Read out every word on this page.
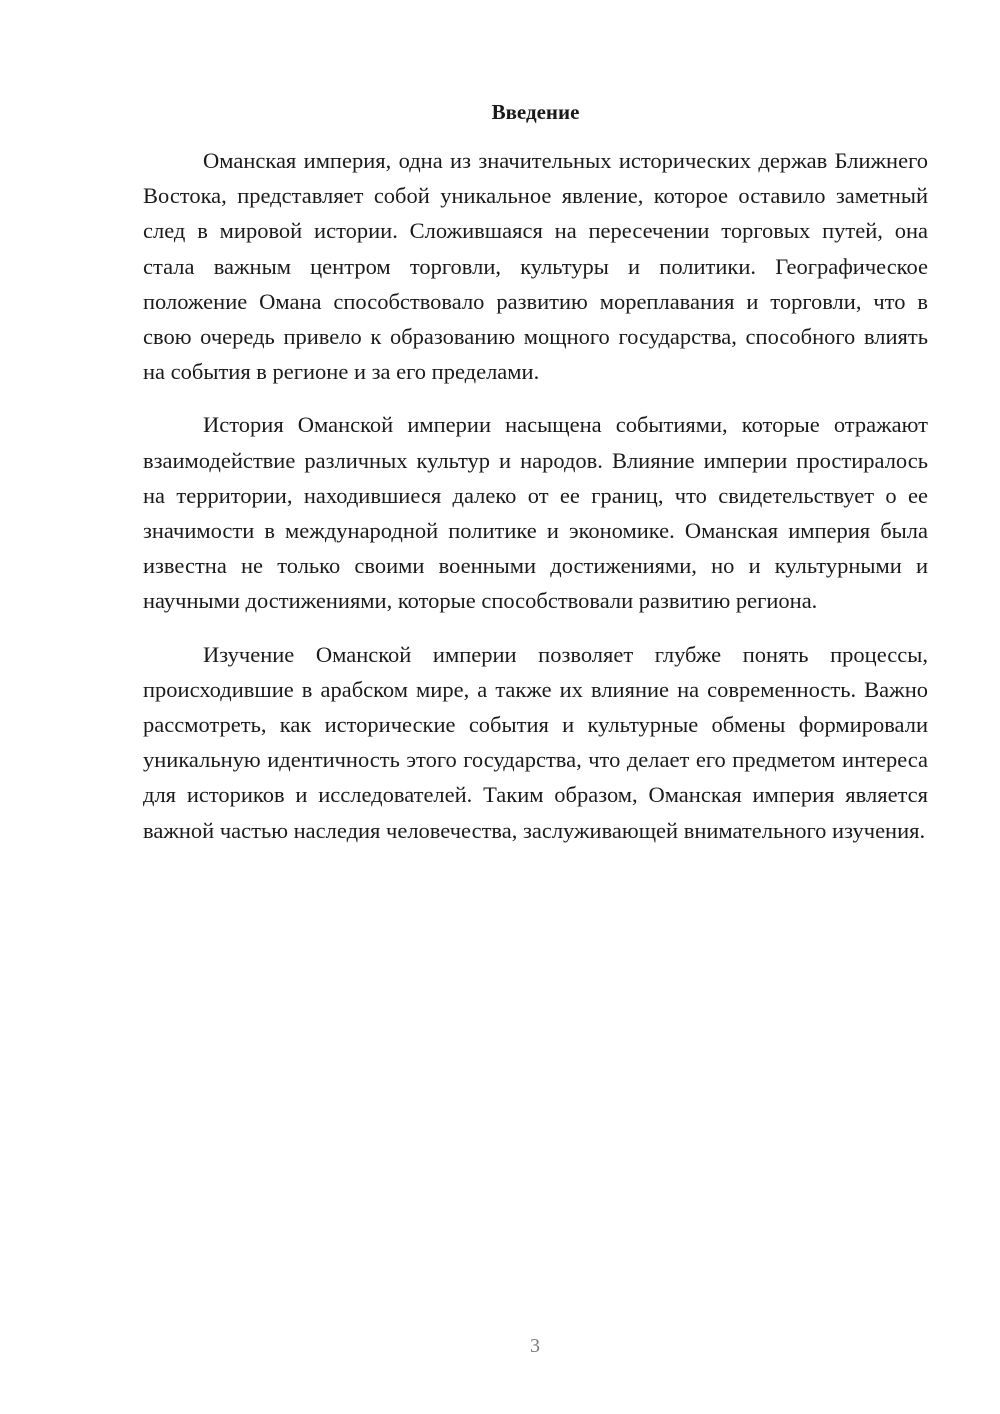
Введение

Оманская империя, одна из значительных исторических держав Ближнего Востока, представляет собой уникальное явление, которое оставило заметный след в мировой истории. Сложившаяся на пересечении торговых путей, она стала важным центром торговли, культуры и политики. Географическое положение Омана способствовало развитию мореплавания и торговли, что в свою очередь привело к образованию мощного государства, способного влиять на события в регионе и за его пределами.

История Оманской империи насыщена событиями, которые отражают взаимодействие различных культур и народов. Влияние империи простиралось на территории, находившиеся далеко от ее границ, что свидетельствует о ее значимости в международной политике и экономике. Оманская империя была известна не только своими военными достижениями, но и культурными и научными достижениями, которые способствовали развитию региона.

Изучение Оманской империи позволяет глубже понять процессы, происходившие в арабском мире, а также их влияние на современность. Важно рассмотреть, как исторические события и культурные обмены формировали уникальную идентичность этого государства, что делает его предметом интереса для историков и исследователей. Таким образом, Оманская империя является важной частью наследия человечества, заслуживающей внимательного изучения.

3
